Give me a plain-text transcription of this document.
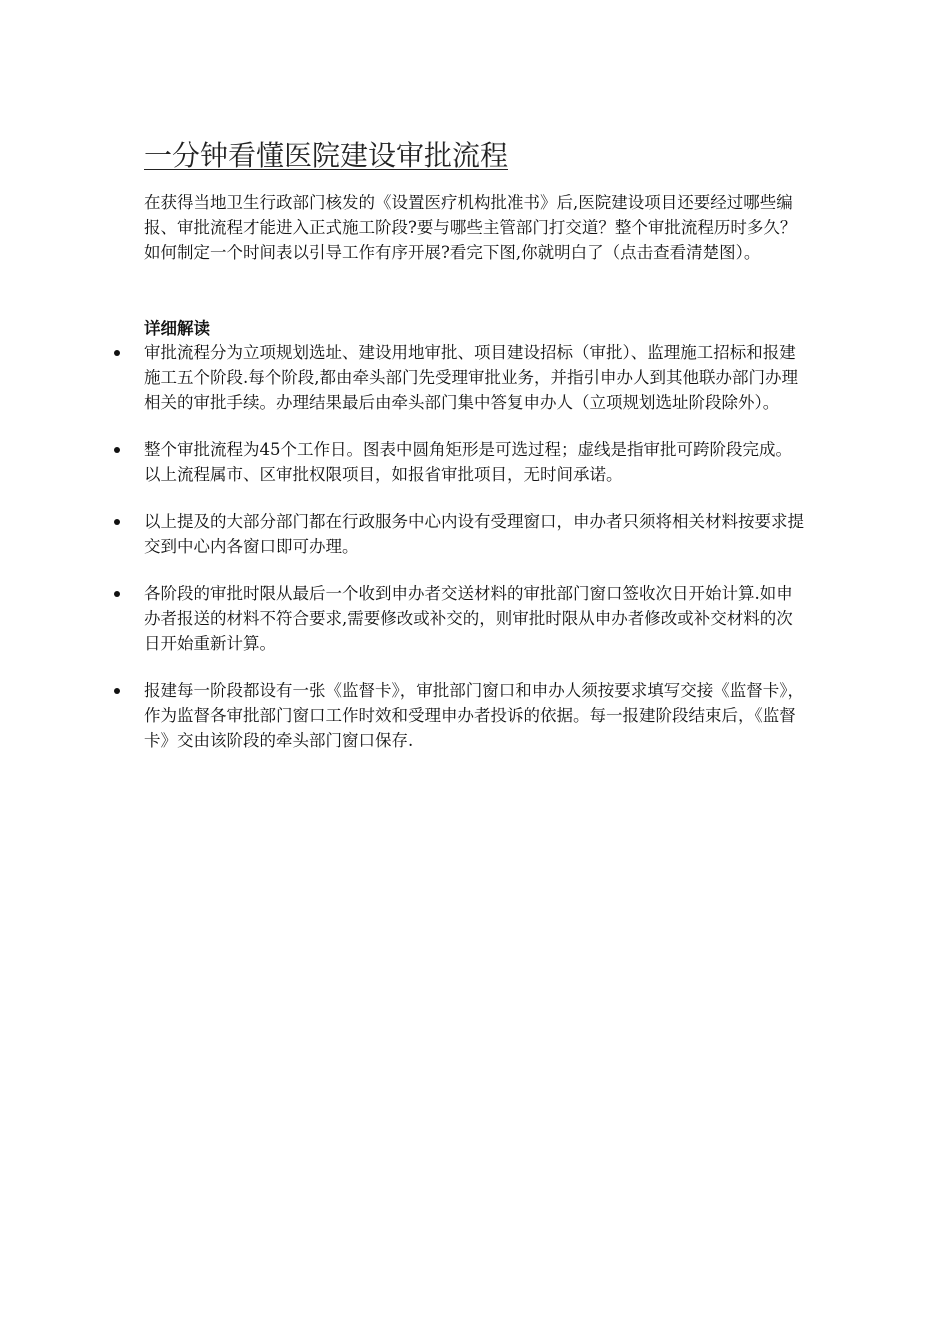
一分钟看懂医院建设审批流程

在获得当地卫生行政部门核发的《设置医疗机构批准书》后,医院建设项目还要经过哪些编报、审批流程才能进入正式施工阶段?要与哪些主管部门打交道？整个审批流程历时多久？如何制定一个时间表以引导工作有序开展?看完下图,你就明白了（点击查看清楚图）。

详细解读
审批流程分为立项规划选址、建设用地审批、项目建设招标（审批）、监理施工招标和报建施工五个阶段.每个阶段,都由牵头部门先受理审批业务，并指引申办人到其他联办部门办理相关的审批手续。办理结果最后由牵头部门集中答复申办人（立项规划选址阶段除外）。
整个审批流程为45个工作日。图表中圆角矩形是可选过程；虚线是指审批可跨阶段完成。以上流程属市、区审批权限项目，如报省审批项目，无时间承诺。
以上提及的大部分部门都在行政服务中心内设有受理窗口，申办者只须将相关材料按要求提交到中心内各窗口即可办理。
各阶段的审批时限从最后一个收到申办者交送材料的审批部门窗口签收次日开始计算.如申办者报送的材料不符合要求,需要修改或补交的，则审批时限从申办者修改或补交材料的次日开始重新计算。
报建每一阶段都设有一张《监督卡》，审批部门窗口和申办人须按要求填写交接《监督卡》，作为监督各审批部门窗口工作时效和受理申办者投诉的依据。每一报建阶段结束后，《监督卡》交由该阶段的牵头部门窗口保存.
